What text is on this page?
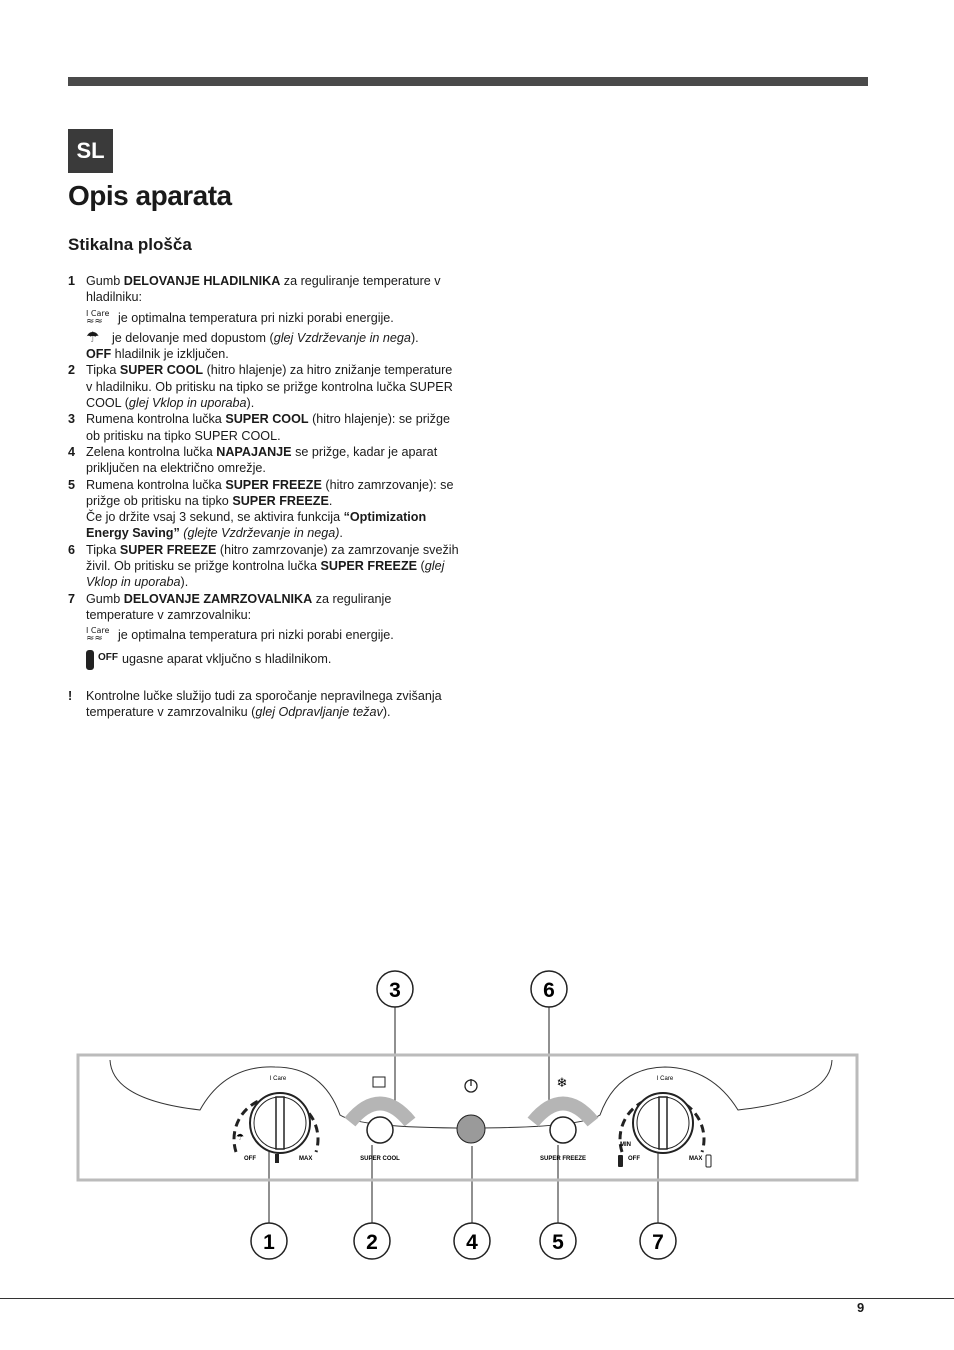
SL
Opis aparata
Stikalna plošča
1 Gumb DELOVANJE HLADILNIKA za reguliranje temperature v hladilniku:
I Care
≈≈	je optimalna temperatura pri nizki porabi energije.
☂ je delovanje med dopustom (glej Vzdrževanje in nega).
OFF hladilnik je izključen.
2 Tipka SUPER COOL (hitro hlajenje) za hitro znižanje temperature v hladilniku. Ob pritisku na tipko se prižge kontrolna lučka SUPER COOL (glej Vklop in uporaba).
3 Rumena kontrolna lučka SUPER COOL (hitro hlajenje): se prižge ob pritisku na tipko SUPER COOL.
4 Zelena kontrolna lučka NAPAJANJE se prižge, kadar je aparat priključen na električno omrežje.
5 Rumena kontrolna lučka SUPER FREEZE (hitro zamrzovanje): se prižge ob pritisku na tipko SUPER FREEZE.
Če jo držite vsaj 3 sekund, se aktivira funkcija “Optimization Energy Saving” (glejte Vzdrževanje in nega).
6 Tipka SUPER FREEZE (hitro zamrzovanje) za zamrzovanje svežih živil. Ob pritisku se prižge kontrolna lučka SUPER FREEZE (glej Vklop in uporaba).
7 Gumb DELOVANJE ZAMRZOVALNIKA za reguliranje temperature v zamrzovalniku:
I Care
≈≈	je optimalna temperatura pri nizki porabi energije.
OFF ugasne aparat vključno s hladilnikom.
!	Kontrolne lučke služijo tudi za sporočanje nepravilnega zvišanja temperature v zamrzovalniku (glej Odpravljanje težav).
I Care
☂
OFF	MAX	SUPER COOL	SUPER FREEZE
❄	I Care
MIN
OFF	MAX
3	6
1	2	4	5	7
9
